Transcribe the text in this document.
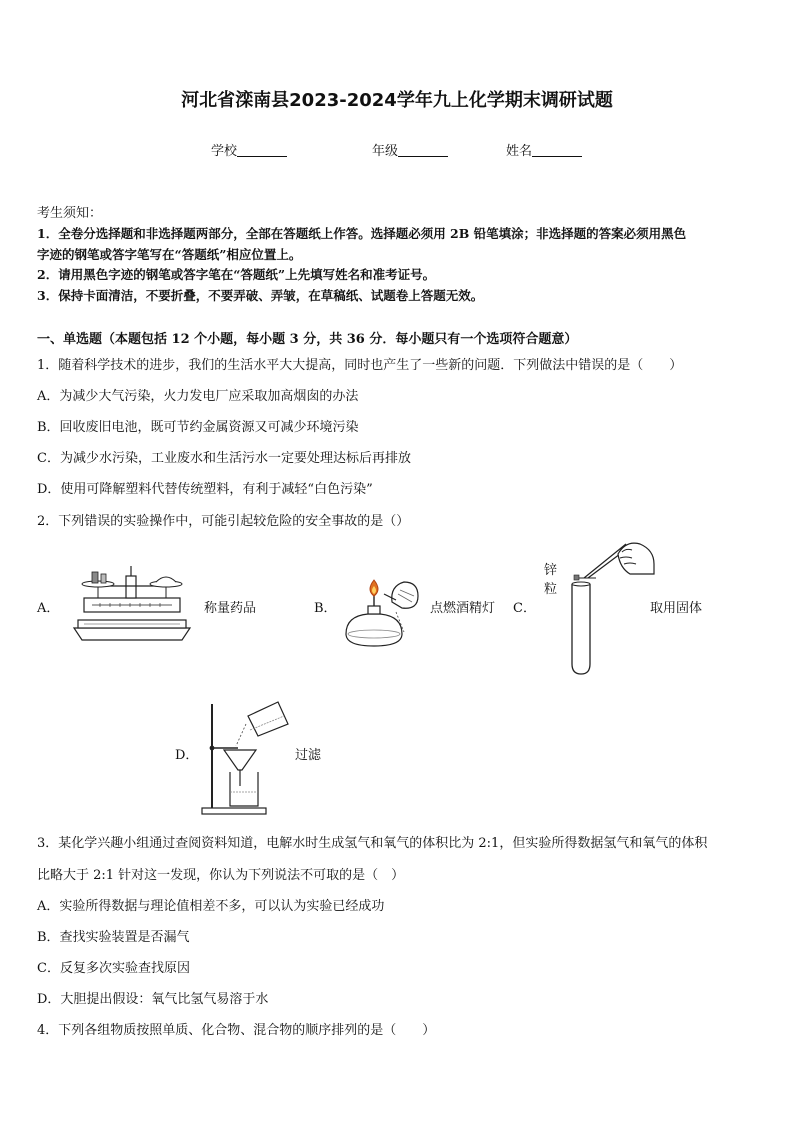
河北省滦南县2023-2024学年九上化学期末调研试题
学校	年级	姓名
考生须知：
1．全卷分选择题和非选择题两部分，全部在答题纸上作答。选择题必须用 2B 铅笔填涂；非选择题的答案必须用黑色
字迹的钢笔或答字笔写在“答题纸”相应位置上。
2．请用黑色字迹的钢笔或答字笔在“答题纸”上先填写姓名和准考证号。
3．保持卡面清洁，不要折叠，不要弄破、弄皱，在草稿纸、试题卷上答题无效。
一、单选题（本题包括 12 个小题，每小题 3 分，共 36 分．每小题只有一个选项符合题意）
1．随着科学技术的进步，我们的生活水平大大提高，同时也产生了一些新的问题．下列做法中错误的是（　　）
A．为减少大气污染，火力发电厂应采取加高烟囱的办法
B．回收废旧电池，既可节约金属资源又可减少环境污染
C．为减少水污染，工业废水和生活污水一定要处理达标后再排放
D．使用可降解塑料代替传统塑料，有利于减轻“白色污染”
2．下列错误的实验操作中，可能引起较危险的安全事故的是（）
A．	称量药品	B．	点燃酒精灯 C．
锌
粒
取用固体
D．	过滤
3．某化学兴趣小组通过查阅资料知道，电解水时生成氢气和氧气的体积比为 2:1，但实验所得数据氢气和氧气的体积
比略大于 2:1 针对这一发现，你认为下列说法不可取的是（　）
A．实验所得数据与理论值相差不多，可以认为实验已经成功
B．查找实验装置是否漏气
C．反复多次实验查找原因
D．大胆提出假设：氧气比氢气易溶于水
4．下列各组物质按照单质、化合物、混合物的顺序排列的是（　　）
